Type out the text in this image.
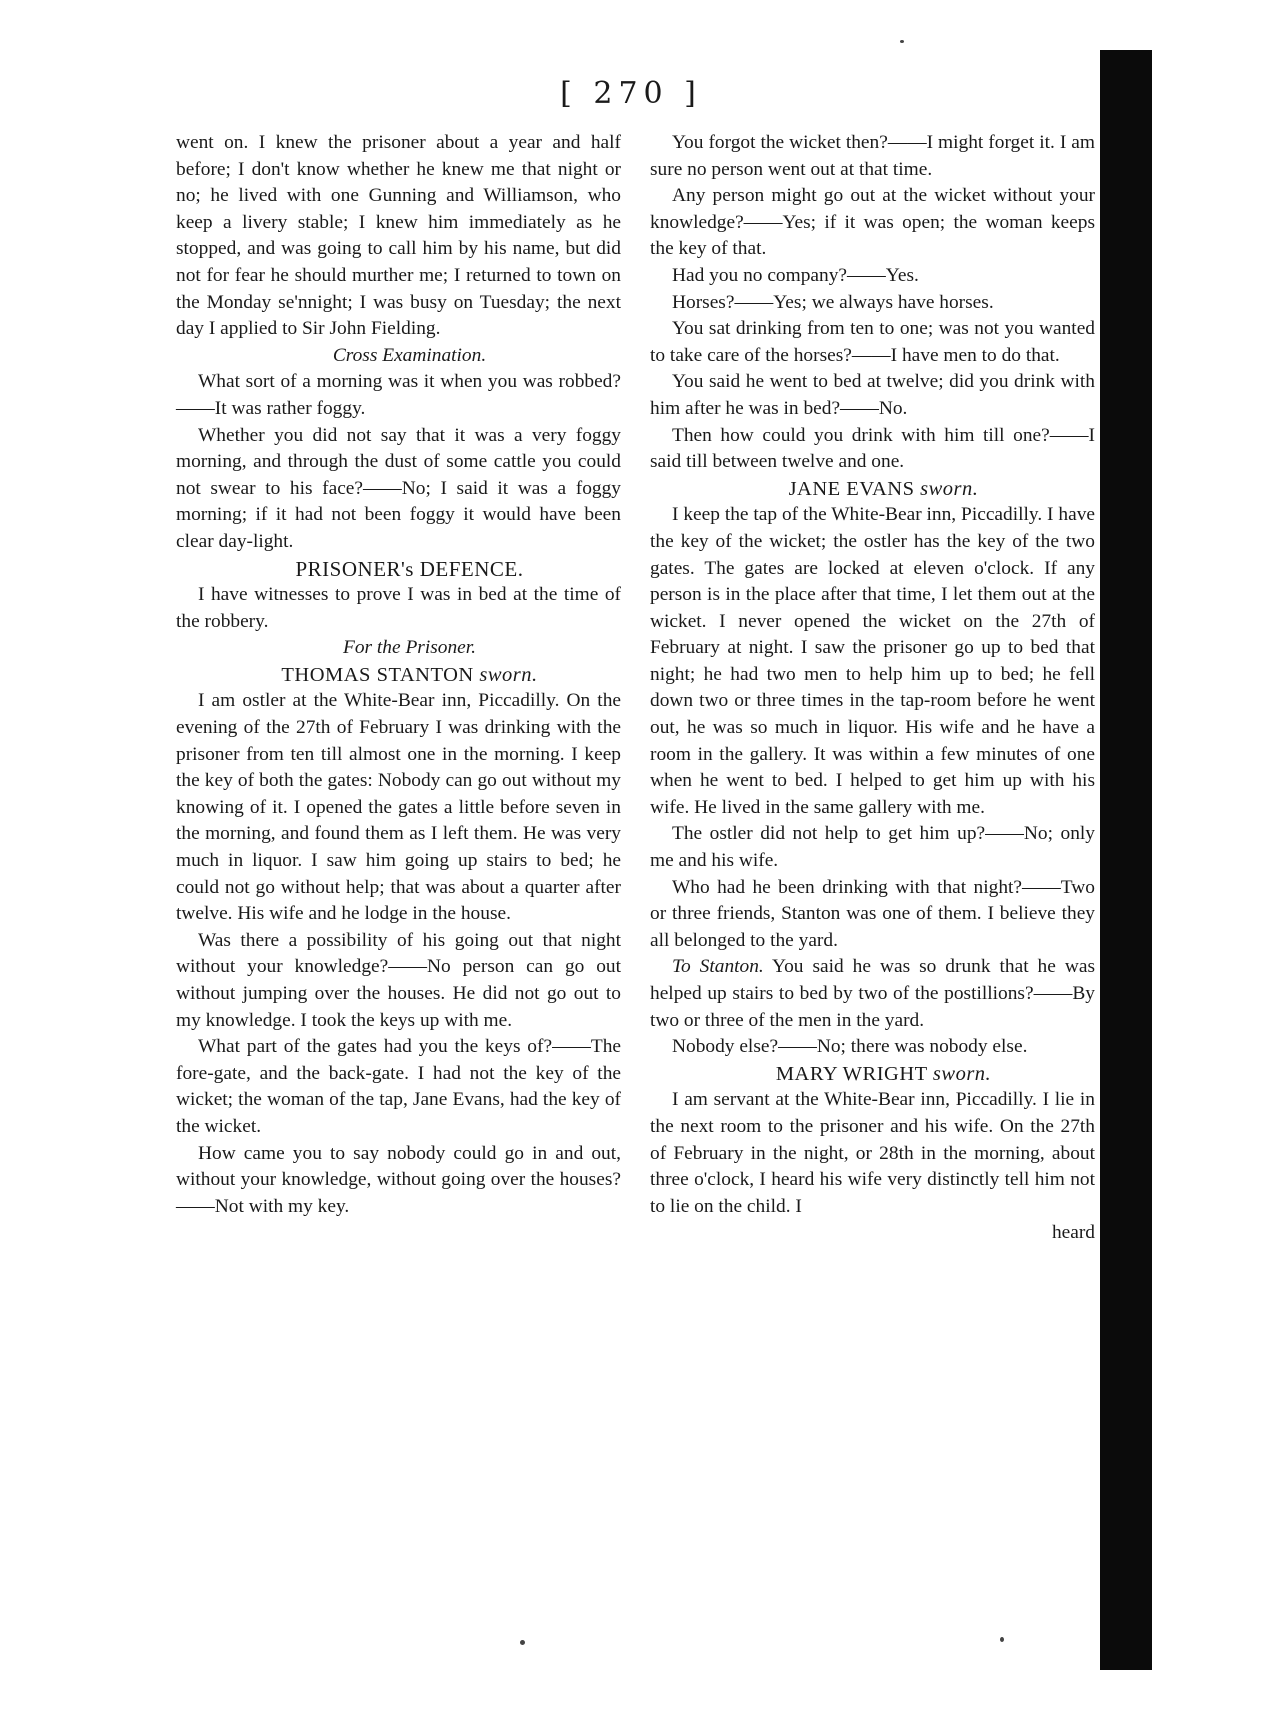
[ 270 ]

went on. I knew the prisoner about a year and half before; I don't know whether he knew me that night or no; he lived with one Gunning and Williamson, who keep a livery stable; I knew him immediately as he stopped, and was going to call him by his name, but did not for fear he should murther me; I returned to town on the Monday se'nnight; I was busy on Tuesday; the next day I applied to Sir John Fielding.

Cross Examination.

What sort of a morning was it when you was robbed?——It was rather foggy.

Whether you did not say that it was a very foggy morning, and through the dust of some cattle you could not swear to his face?——No; I said it was a foggy morning; if it had not been foggy it would have been clear day-light.

PRISONER's DEFENCE.

I have witnesses to prove I was in bed at the time of the robbery.

For the Prisoner.

THOMAS STANTON sworn.

I am ostler at the White-Bear inn, Piccadilly. On the evening of the 27th of February I was drinking with the prisoner from ten till almost one in the morning. I keep the key of both the gates: Nobody can go out without my knowing of it. I opened the gates a little before seven in the morning, and found them as I left them. He was very much in liquor. I saw him going up stairs to bed; he could not go without help; that was about a quarter after twelve. His wife and he lodge in the house.

Was there a possibility of his going out that night without your knowledge?——No person can go out without jumping over the houses. He did not go out to my knowledge. I took the keys up with me.

What part of the gates had you the keys of?——The fore-gate, and the back-gate. I had not the key of the wicket; the woman of the tap, Jane Evans, had the key of the wicket.

How came you to say nobody could go in and out, without your knowledge, without going over the houses?——Not with my key.

You forgot the wicket then?——I might forget it. I am sure no person went out at that time.

Any person might go out at the wicket without your knowledge?——Yes; if it was open; the woman keeps the key of that.

Had you no company?——Yes.

Horses?——Yes; we always have horses.

You sat drinking from ten to one; was not you wanted to take care of the horses?——I have men to do that.

You said he went to bed at twelve; did you drink with him after he was in bed?——No.

Then how could you drink with him till one?——I said till between twelve and one.

JANE EVANS sworn.

I keep the tap of the White-Bear inn, Piccadilly. I have the key of the wicket; the ostler has the key of the two gates. The gates are locked at eleven o'clock. If any person is in the place after that time, I let them out at the wicket. I never opened the wicket on the 27th of February at night. I saw the prisoner go up to bed that night; he had two men to help him up to bed; he fell down two or three times in the tap-room before he went out, he was so much in liquor. His wife and he have a room in the gallery. It was within a few minutes of one when he went to bed. I helped to get him up with his wife. He lived in the same gallery with me.

The ostler did not help to get him up?——No; only me and his wife.

Who had he been drinking with that night?——Two or three friends, Stanton was one of them. I believe they all belonged to the yard.

To Stanton. You said he was so drunk that he was helped up stairs to bed by two of the postillions?——By two or three of the men in the yard.

Nobody else?——No; there was nobody else.

MARY WRIGHT sworn.

I am servant at the White-Bear inn, Piccadilly. I lie in the next room to the prisoner and his wife. On the 27th of February in the night, or 28th in the morning, about three o'clock, I heard his wife very distinctly tell him not to lie on the child. I

heard
